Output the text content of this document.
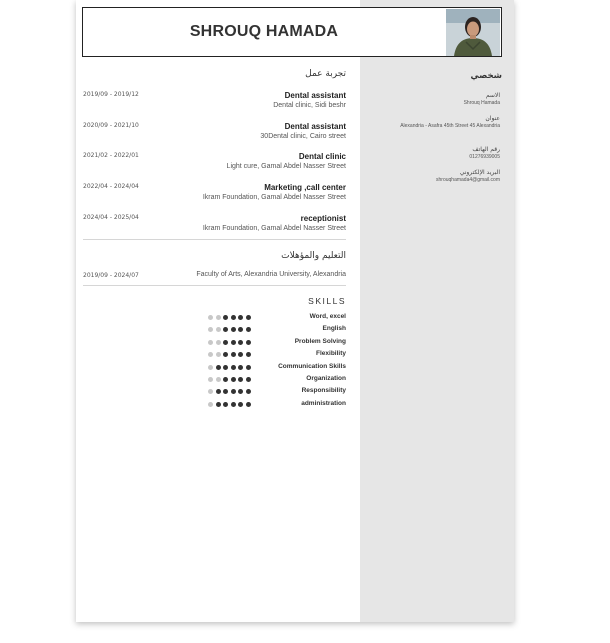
SHROUQ HAMADA
تجربة عمل
2019/09 - 2019/12	Dental assistant
Dental clinic, Sidi beshr
2020/09 - 2021/10	Dental assistant
30Dental clinic, Cairo street
2021/02 - 2022/01	Dental clinic
Light cure, Gamal Abdel Nasser Street
2022/04 - 2024/04	Marketing ,call center
Ikram Foundation, Gamal Abdel Nasser Street
2024/04 - 2025/04	receptionist
Ikram Foundation, Gamal Abdel Nasser Street
التعليم والمؤهلات
2019/09 - 2024/07	Faculty of Arts, Alexandria University, Alexandria
SKILLS
Word, excel
English
Problem Solving
Flexibility
Communication Skills
Organization
Responsibility
administration
شخصي
الاسم
Shrouq Hamada
عنوان
Alexandria - Asafra 45th Street 45 Alexandria
رقم الهاتف
01276939005
البريد الإلكتروني
shrouqhamada4@gmail.com
